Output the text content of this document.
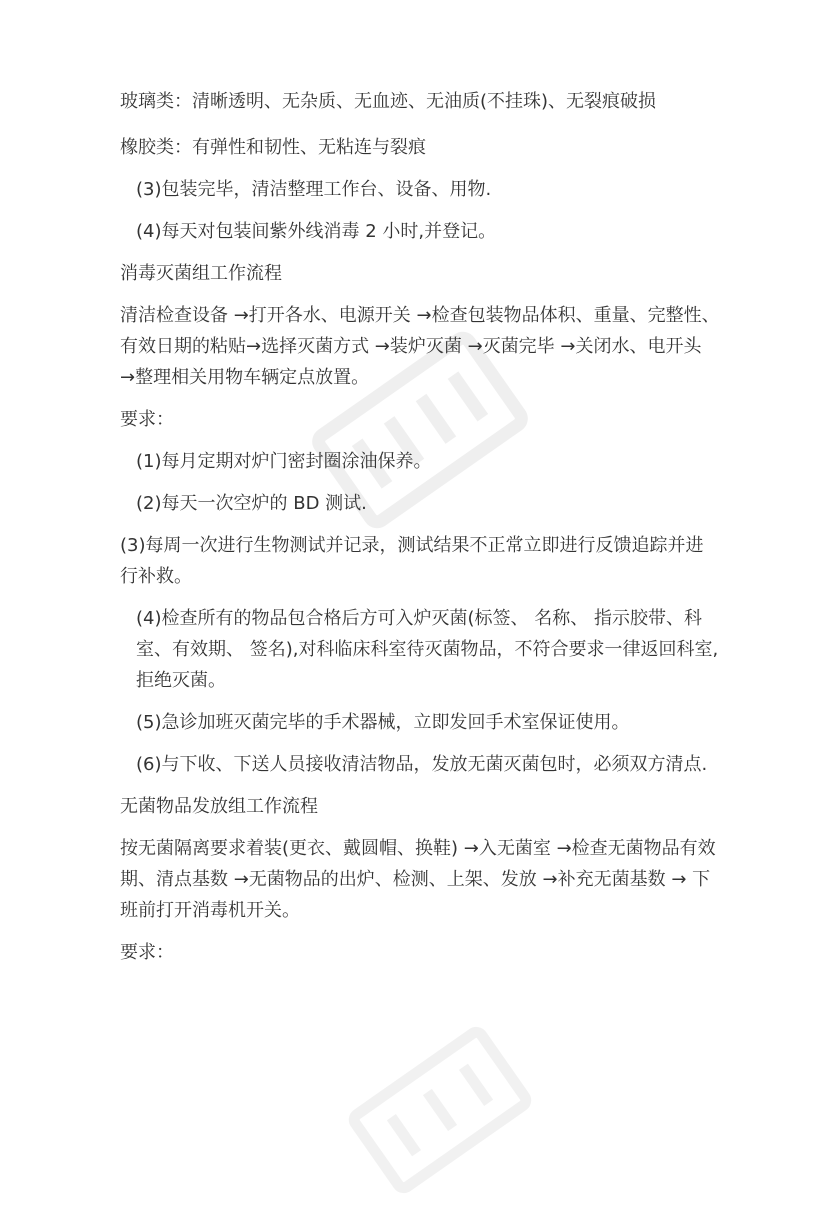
玻璃类：清晰透明、无杂质、无血迹、无油质(不挂珠)、无裂痕破损

橡胶类：有弹性和韧性、无粘连与裂痕

(3)包装完毕，清洁整理工作台、设备、用物.

(4)每天对包装间紫外线消毒 2 小时,并登记。

消毒灭菌组工作流程

清洁检查设备 →打开各水、电源开关 →检查包装物品体积、重量、完整性、有效日期的粘贴→选择灭菌方式 →装炉灭菌 →灭菌完毕 →关闭水、电开头 →整理相关用物车辆定点放置。

要求：

(1)每月定期对炉门密封圈涂油保养。

(2)每天一次空炉的 BD 测试.

(3)每周一次进行生物测试并记录，测试结果不正常立即进行反馈追踪并进行补救。

(4)检查所有的物品包合格后方可入炉灭菌(标签、 名称、 指示胶带、科室、有效期、 签名),对科临床科室待灭菌物品，不符合要求一律返回科室,拒绝灭菌。

(5)急诊加班灭菌完毕的手术器械，立即发回手术室保证使用。

(6)与下收、下送人员接收清洁物品，发放无菌灭菌包时，必须双方清点.

无菌物品发放组工作流程

按无菌隔离要求着装(更衣、戴圆帽、换鞋) →入无菌室 →检查无菌物品有效期、清点基数 →无菌物品的出炉、检测、上架、发放 →补充无菌基数 → 下班前打开消毒机开关。

要求：
